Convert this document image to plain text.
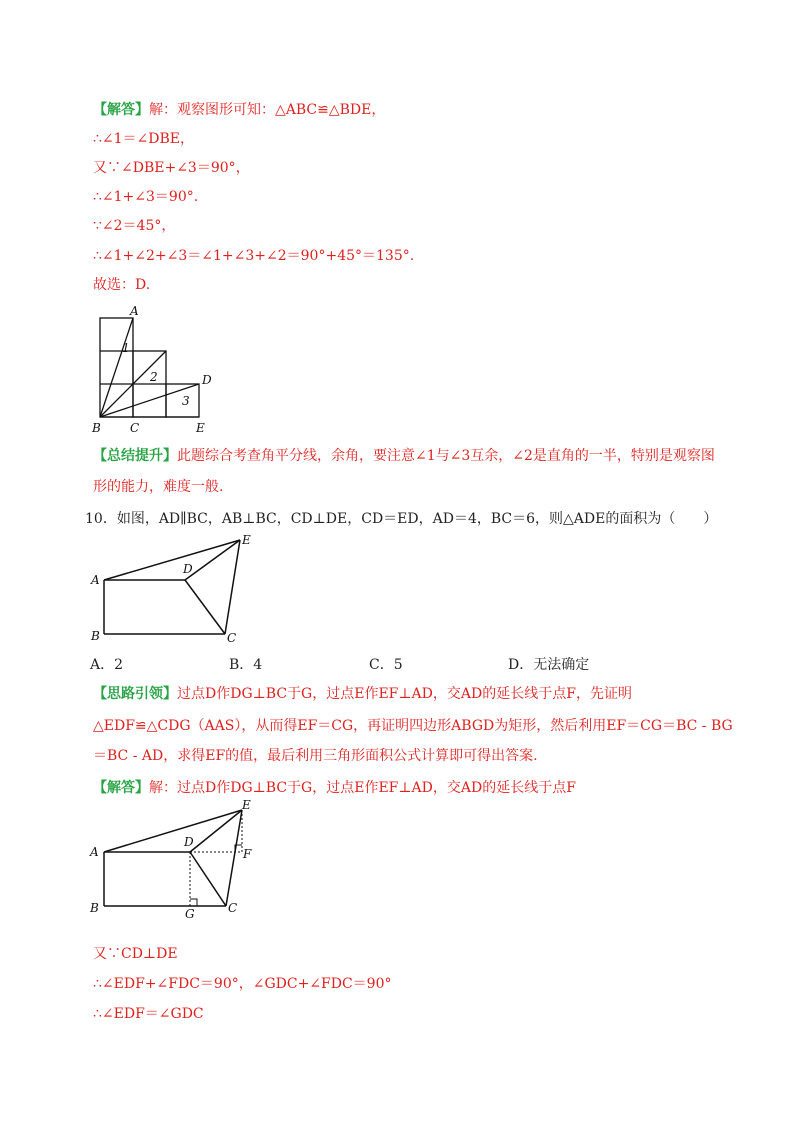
【解答】解：观察图形可知：△ABC≌△BDE，
∴∠1＝∠DBE，
又∵∠DBE+∠3＝90°，
∴∠1+∠3＝90°.
∵∠2＝45°，
∴∠1+∠2+∠3＝∠1+∠3+∠2＝90°+45°＝135°.
故选：D.
A
1
2	D
3
B C	E
【总结提升】此题综合考查角平分线，余角，要注意∠1与∠3互余，∠2是直角的一半，特别是观察图
形的能力，难度一般.
10．如图，AD∥BC，AB⊥BC，CD⊥DE，CD＝ED，AD＝4，BC＝6，则△ADE的面积为（　　）
A
D
E
B	C
A．2	B．4	C．5	D．无法确定
【思路引领】过点D作DG⊥BC于G，过点E作EF⊥AD，交AD的延长线于点F，先证明
△EDF≌△CDG（AAS），从而得EF＝CG，再证明四边形ABGD为矩形，然后利用EF＝CG＝BC - BG
＝BC - AD，求得EF的值，最后利用三角形面积公式计算即可得出答案.
【解答】解：过点D作DG⊥BC于G，过点E作EF⊥AD，交AD的延长线于点F
A
D
E
F
B	G	C
又∵CD⊥DE
∴∠EDF+∠FDC＝90°，∠GDC+∠FDC＝90°
∴∠EDF＝∠GDC
